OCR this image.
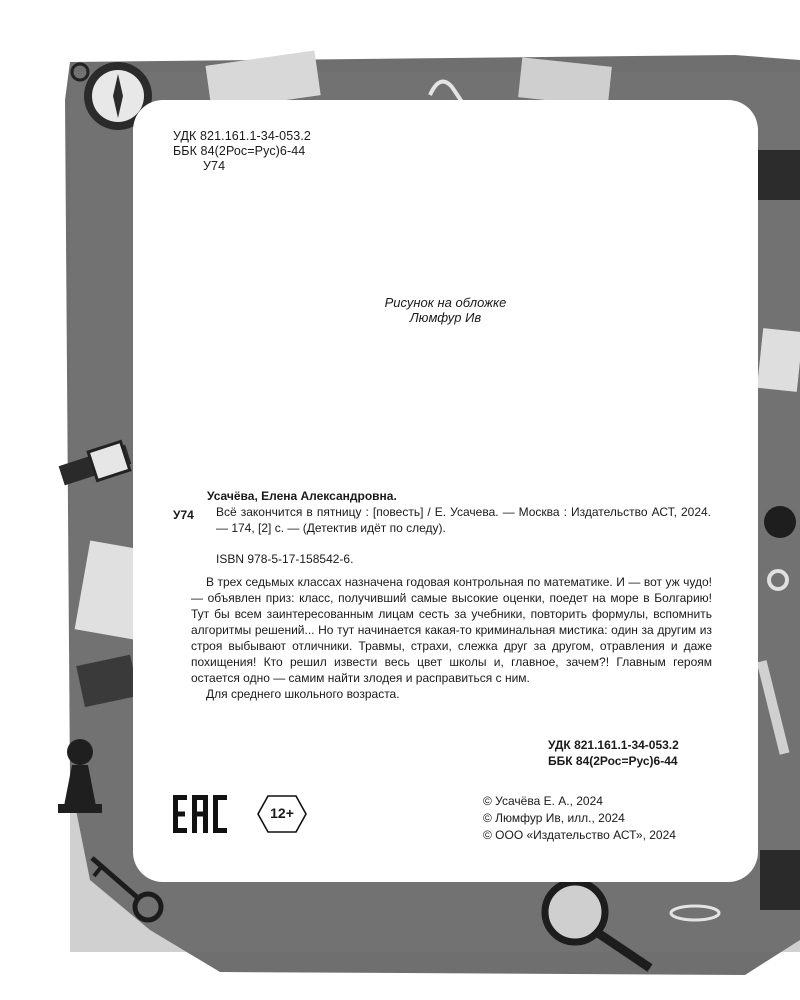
УДК 821.161.1-34-053.2
ББК 84(2Рос=Рус)6-44
У74
Рисунок на обложке
Люмфур Ив
Усачёва, Елена Александровна.
У74 Всё закончится в пятницу : [повесть] / Е. Усачева. — Москва : Издательство АСТ, 2024. — 174, [2] с. — (Детектив идёт по следу).
ISBN 978-5-17-158542-6.

В трех седьмых классах назначена годовая контрольная по математике. И — вот уж чудо! — объявлен приз: класс, получивший самые высокие оценки, поедет на море в Болгарию! Тут бы всем заинтересованным лицам сесть за учебники, повторить формулы, вспомнить алгоритмы решений... Но тут начинается какая-то криминальная мистика: один за другим из строя выбывают отличники. Травмы, страхи, слежка друг за другом, отравления и даже похищения! Кто решил извести весь цвет школы и, главное, зачем?! Главным героям остается одно — самим найти злодея и расправиться с ним.

Для среднего школьного возраста.

УДК 821.161.1-34-053.2
ББК 84(2Рос=Рус)6-44
12+
© Усачёва Е. А., 2024
© Люмфур Ив, илл., 2024
© ООО «Издательство АСТ», 2024
